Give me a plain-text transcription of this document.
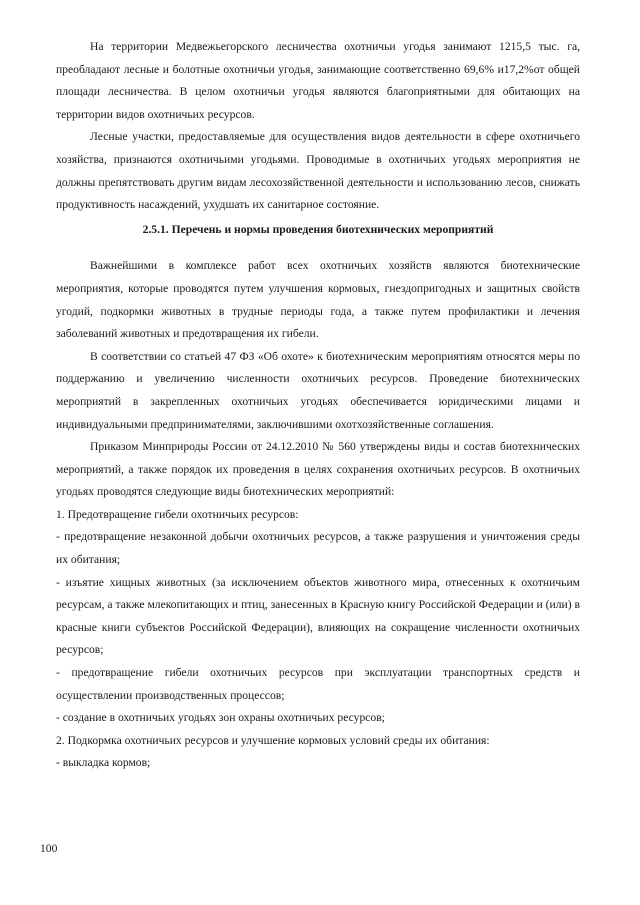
На территории Медвежьегорского лесничества охотничьи угодья занимают 1215,5 тыс. га, преобладают лесные и болотные охотничьи угодья, занимающие соответственно 69,6% и17,2%от общей площади лесничества. В целом охотничьи угодья являются благоприятными для обитающих на территории видов охотничьих ресурсов.

Лесные участки, предоставляемые для осуществления видов деятельности в сфере охотничьего хозяйства, признаются охотничьими угодьями. Проводимые в охотничьих угодьях мероприятия не должны препятствовать другим видам лесохозяйственной деятельности и использованию лесов, снижать продуктивность насаждений, ухудшать их санитарное состояние.

2.5.1. Перечень и нормы проведения биотехнических мероприятий

Важнейшими в комплексе работ всех охотничьих хозяйств являются биотехнические мероприятия, которые проводятся путем улучшения кормовых, гнездопригодных и защитных свойств угодий, подкормки животных в трудные периоды года, а также путем профилактики и лечения заболеваний животных и предотвращения их гибели.

В соответствии со статьей 47 ФЗ «Об охоте» к биотехническим мероприятиям относятся меры по поддержанию и увеличению численности охотничьих ресурсов. Проведение биотехнических мероприятий в закрепленных охотничьих угодьях обеспечивается юридическими лицами и индивидуальными предпринимателями, заключившими охотхозяйственные соглашения.

Приказом Минприроды России от 24.12.2010 № 560 утверждены виды и состав биотехнических мероприятий, а также порядок их проведения в целях сохранения охотничьих ресурсов. В охотничьих угодьях проводятся следующие виды биотехнических мероприятий:

1. Предотвращение гибели охотничьих ресурсов:

- предотвращение незаконной добычи охотничьих ресурсов, а также разрушения и уничтожения среды их обитания;

- изъятие хищных животных (за исключением объектов животного мира, отнесенных к охотничьим ресурсам, а также млекопитающих и птиц, занесенных в Красную книгу Российской Федерации и (или) в красные книги субъектов Российской Федерации), влияющих на сокращение численности охотничьих ресурсов;

- предотвращение гибели охотничьих ресурсов при эксплуатации транспортных средств и осуществлении производственных процессов;

- создание в охотничьих угодьях зон охраны охотничьих ресурсов;

2. Подкормка охотничьих ресурсов и улучшение кормовых условий среды их обитания:

- выкладка кормов;

100
